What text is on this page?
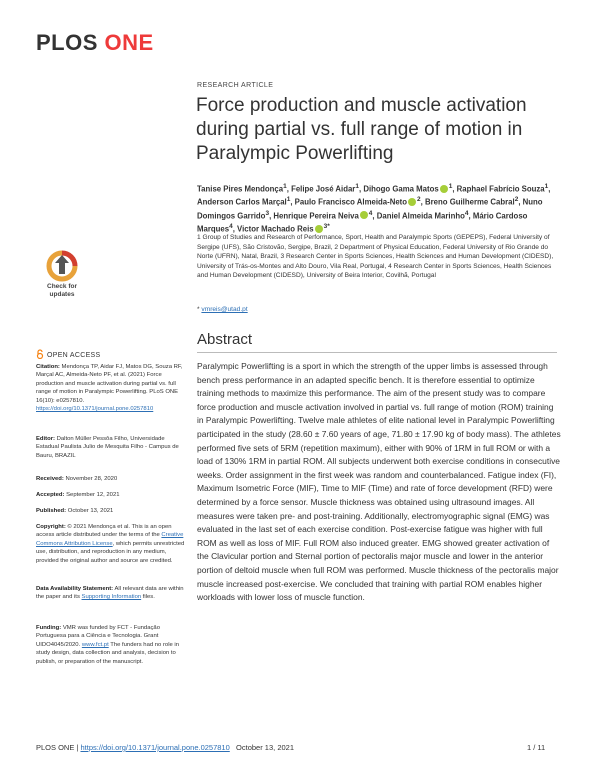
PLOS ONE
RESEARCH ARTICLE
Force production and muscle activation during partial vs. full range of motion in Paralympic Powerlifting
Tanise Pires Mendonça$^1$, Felipe José Aidar$^1$, Dihogo Gama Matos $^1$, Raphael Fabrício Souza$^1$, Anderson Carlos Marçal$^1$, Paulo Francisco Almeida-Neto $^2$, Breno Guilherme Cabral$^2$, Nuno Domingos Garrido$^3$, Henrique Pereira Neiva $^4$, Daniel Almeida Marinho$^4$, Mário Cardoso Marques$^4$, Victor Machado Reis $^{3*}$
1 Group of Studies and Research of Performance, Sport, Health and Paralympic Sports (GEPEPS), Federal University of Sergipe (UFS), São Cristovão, Sergipe, Brazil, 2 Department of Physical Education, Federal University of Rio Grande do Norte (UFRN), Natal, Brazil, 3 Research Center in Sports Sciences, Health Sciences and Human Development (CIDESD), University of Trás-os-Montes and Alto Douro, Vila Real, Portugal, 4 Research Center in Sports Sciences, Health Sciences and Human Development (CIDESD), University of Beira Interior, Covilhã, Portugal
* vmreis@utad.pt
Abstract

Paralympic Powerlifting is a sport in which the strength of the upper limbs is assessed through bench press performance in an adapted specific bench. It is therefore essential to optimize training methods to maximize this performance. The aim of the present study was to compare force production and muscle activation involved in partial vs. full range of motion (ROM) training in Paralympic Powerlifting. Twelve male athletes of elite national level in Paralympic Powerlifting participated in the study (28.60 ± 7.60 years of age, 71.80 ± 17.90 kg of body mass). The athletes performed five sets of 5RM (repetition maximum), either with 90% of 1RM in full ROM or with a load of 130% 1RM in partial ROM. All subjects underwent both exercise conditions in consecutive weeks. Order assignment in the first week was random and counterbalanced. Fatigue index (FI), Maximum Isometric Force (MIF), Time to MIF (Time) and rate of force development (RFD) were determined by a force sensor. Muscle thickness was obtained using ultrasound images. All measures were taken pre- and post-training. Additionally, electromyographic signal (EMG) was evaluated in the last set of each exercise condition. Post-exercise fatigue was higher with full ROM as well as loss of MIF. Full ROM also induced greater. EMG showed greater activation of the Clavicular portion and Sternal portion of pectoralis major muscle and lower in the anterior portion of deltoid muscle when full ROM was performed. Muscle thickness of the pectoralis major muscle increased post-exercise. We concluded that training with partial ROM enables higher workloads with lower loss of muscle function.

Check for
updates
OPEN ACCESS
Citation: Mendonça TP, Aidar FJ, Matos DG, Souza RF, Marçal AC, Almeida-Neto PF, et al. (2021) Force production and muscle activation during partial vs. full range of motion in Paralympic Powerlifting. PLoS ONE 16(10): e0257810. https://doi.org/10.1371/journal.pone.0257810
Editor: Dalton Müller Pessôa Filho, Universidade Estadual Paulista Julio de Mesquita Filho - Campus de Bauru, BRAZIL
Received: November 28, 2020
Accepted: September 12, 2021
Published: October 13, 2021
Copyright: © 2021 Mendonça et al. This is an open access article distributed under the terms of the Creative Commons Attribution License, which permits unrestricted use, distribution, and reproduction in any medium, provided the original author and source are credited.
Data Availability Statement: All relevant data are within the paper and its Supporting Information files.
Funding: VMR was funded by FCT - Fundação Portuguesa para a Ciência e Tecnologia. Grant UIDO4045/2020. www.fct.pt The funders had no role in study design, data collection and analysis, decision to publish, or preparation of the manuscript.
PLOS ONE | https://doi.org/10.1371/journal.pone.0257810 October 13, 2021	1 / 11
